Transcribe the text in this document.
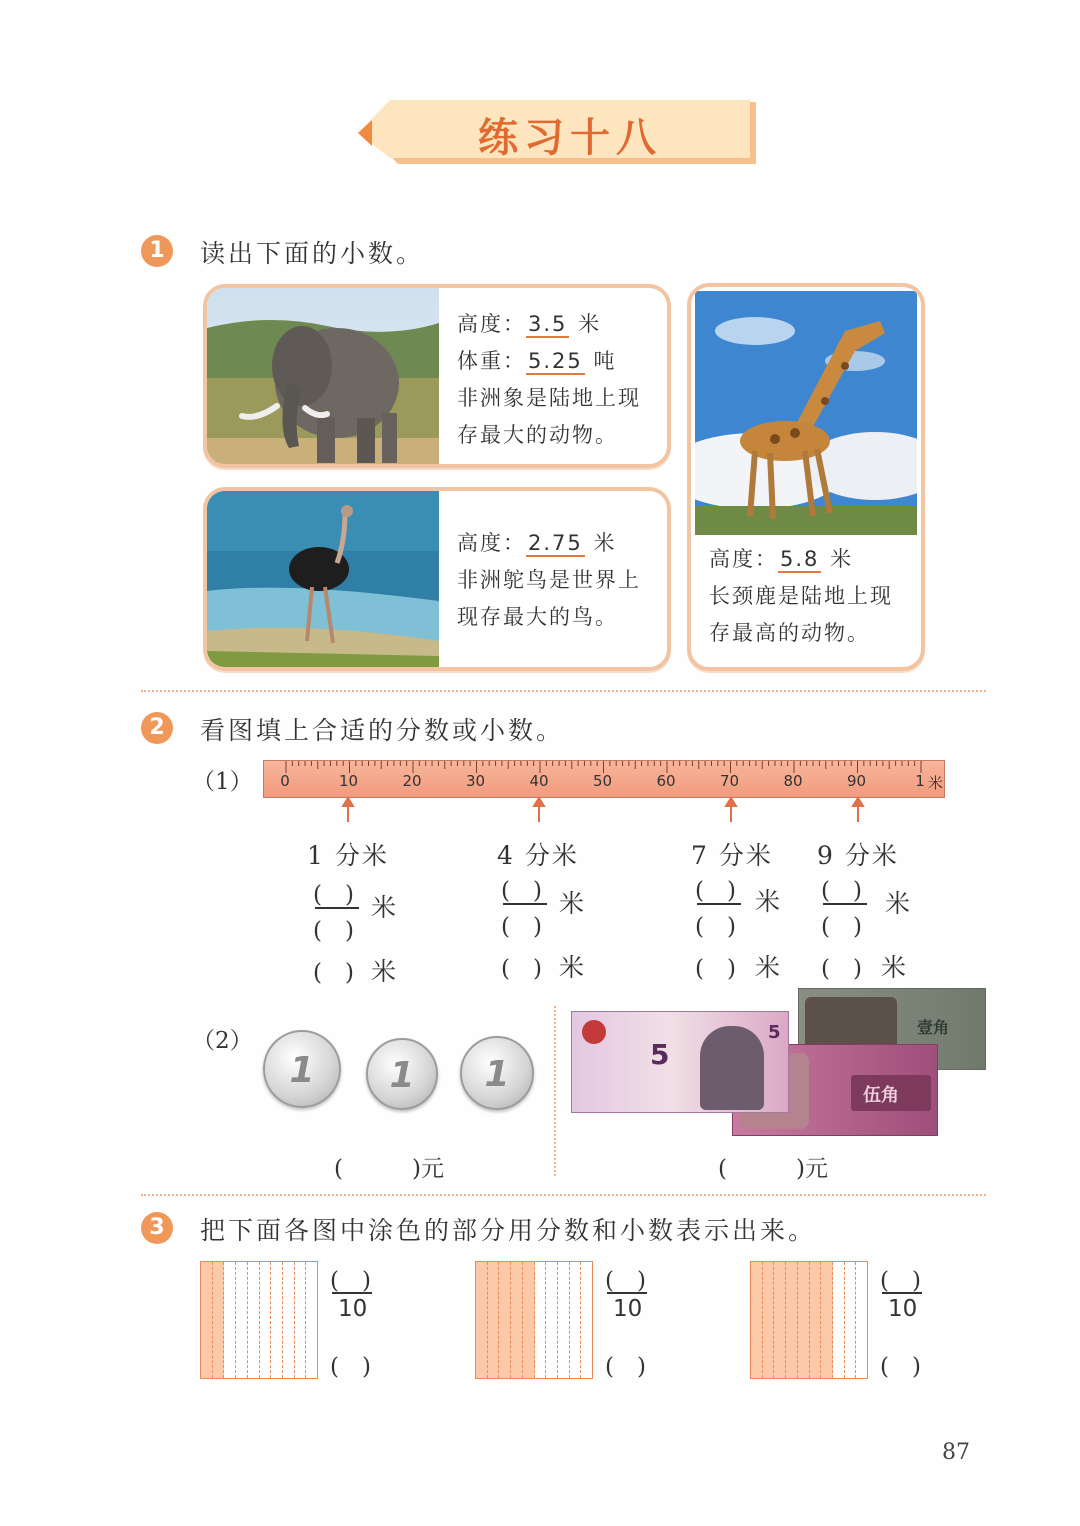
练习十八
1	读出下面的小数。
高度：3.5 米
体重：5.25 吨
非洲象是陆地上现
存最大的动物。
高度：2.75 米
非洲鸵鸟是世界上
现存最大的鸟。
高度：5.8 米
长颈鹿是陆地上现
存最高的动物。
2	看图填上合适的分数或小数。
（1）	0	10	20	30	40	50	60	70	80	90	1 米
1 分米
(　)
(　)
米
(　) 米
4 分米
(　)
(　)
米
(　) 米
7 分米
(　)
(　)
米
(　) 米
9 分米
(　)
(　)
米
(　) 米
（2）
1	1	1
(　　　)元
壹角
伍角
5
5
(　　　)元
3	把下面各图中涂色的部分用分数和小数表示出来。
(　)
10
(　)
(　)
10
(　)
(　)
10
(　)
87
